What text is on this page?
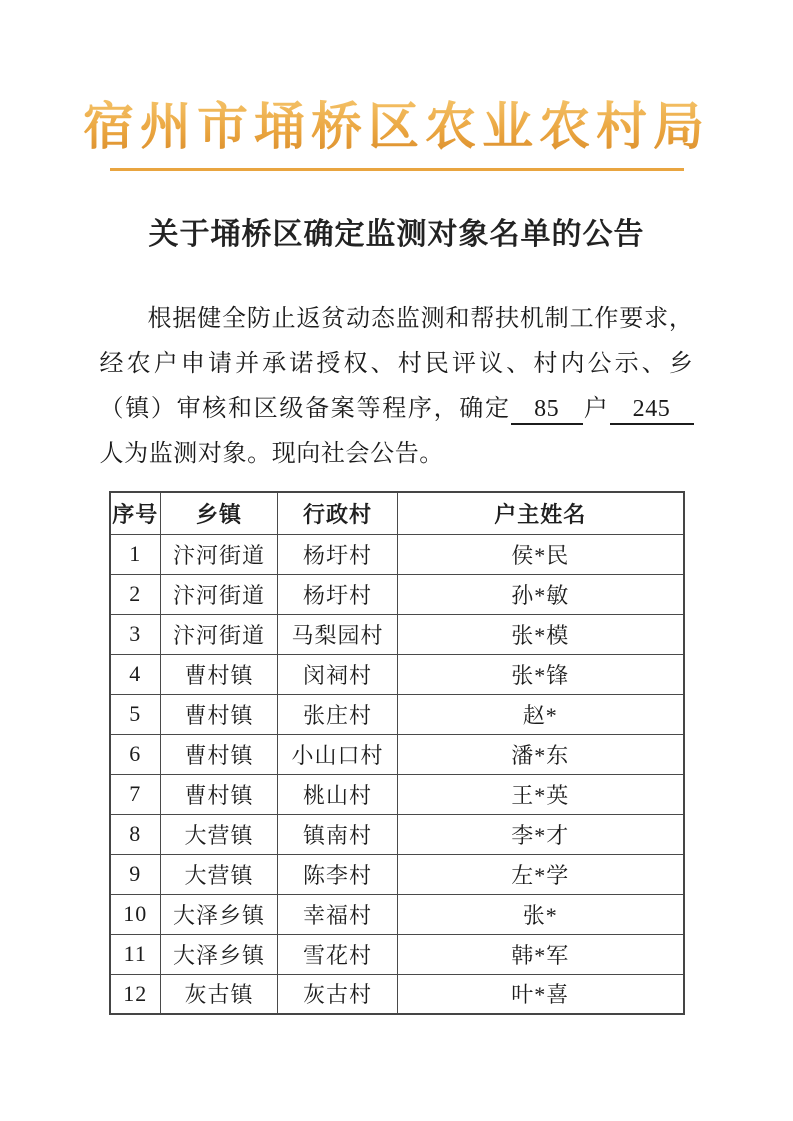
宿州市埇桥区农业农村局
关于埇桥区确定监测对象名单的公告

根据健全防止返贫动态监测和帮扶机制工作要求，经农户申请并承诺授权、村民评议、村内公示、乡（镇）审核和区级备案等程序，确定 85 户 245人为监测对象。现向社会公告。

序号	乡镇	行政村	户主姓名
1	汴河街道	杨圩村	侯*民
2	汴河街道	杨圩村	孙*敏
3	汴河街道	马梨园村	张*模
4	曹村镇	闵祠村	张*锋
5	曹村镇	张庄村	赵*
6	曹村镇	小山口村	潘*东
7	曹村镇	桃山村	王*英
8	大营镇	镇南村	李*才
9	大营镇	陈李村	左*学
10	大泽乡镇	幸福村	张*
11	大泽乡镇	雪花村	韩*军
12	灰古镇	灰古村	叶*喜
